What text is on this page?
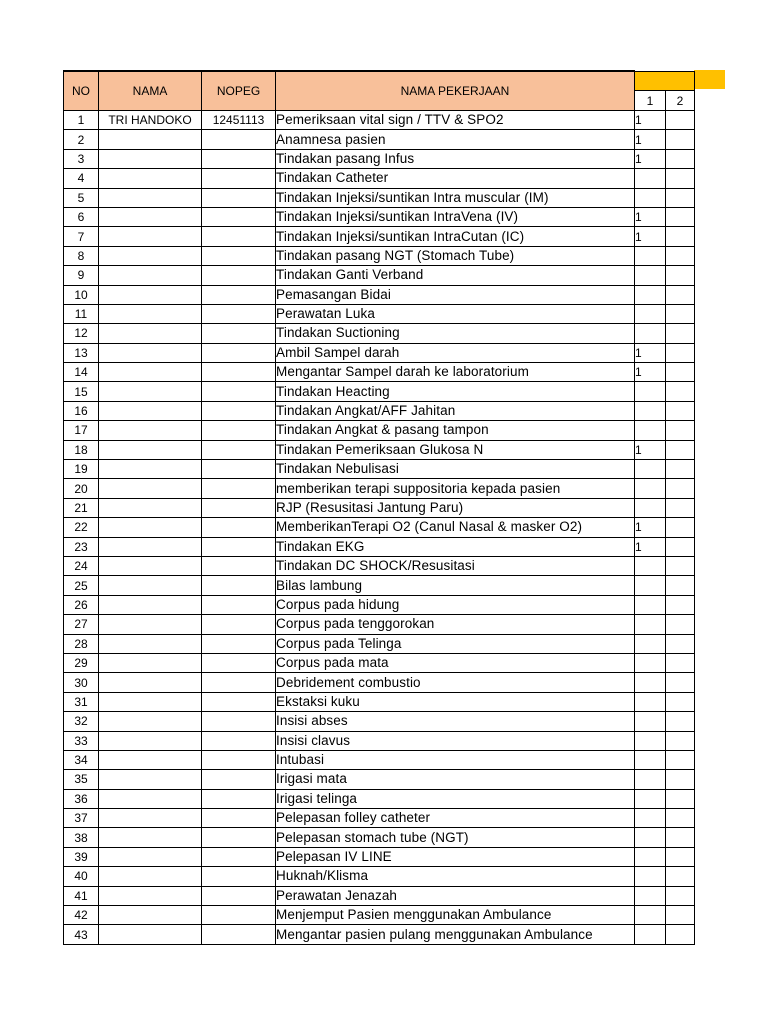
NO	NAMA	NOPEG	NAMA PEKERJAAN		
				1	2
1	TRI HANDOKO	12451113	Pemeriksaan vital sign / TTV & SPO2	1	
2			Anamnesa pasien	1	
3			Tindakan pasang Infus	1	
4			Tindakan Catheter		
5			Tindakan Injeksi/suntikan Intra muscular (IM)		
6			Tindakan Injeksi/suntikan IntraVena (IV)	1	
7			Tindakan Injeksi/suntikan IntraCutan (IC)	1	
8			Tindakan pasang NGT (Stomach Tube)		
9			Tindakan Ganti Verband		
10			Pemasangan Bidai		
11			Perawatan Luka		
12			Tindakan Suctioning		
13			Ambil Sampel darah	1	
14			Mengantar Sampel darah ke laboratorium	1	
15			Tindakan Heacting		
16			Tindakan Angkat/AFF Jahitan		
17			Tindakan Angkat & pasang tampon		
18			Tindakan Pemeriksaan Glukosa N	1	
19			Tindakan Nebulisasi		
20			memberikan terapi suppositoria kepada pasien		
21			RJP (Resusitasi Jantung Paru)		
22			MemberikanTerapi O2 (Canul Nasal & masker O2)	1	
23			Tindakan EKG	1	
24			Tindakan DC SHOCK/Resusitasi		
25			Bilas lambung		
26			Corpus pada hidung		
27			Corpus pada tenggorokan		
28			Corpus pada Telinga		
29			Corpus pada mata		
30			Debridement combustio		
31			Ekstaksi kuku		
32			Insisi abses		
33			Insisi clavus		
34			Intubasi		
35			Irigasi mata		
36			Irigasi telinga		
37			Pelepasan folley catheter		
38			Pelepasan stomach tube (NGT)		
39			Pelepasan IV LINE		
40			Huknah/Klisma		
41			Perawatan Jenazah		
42			Menjemput Pasien menggunakan Ambulance		
43			Mengantar pasien pulang menggunakan Ambulance		
